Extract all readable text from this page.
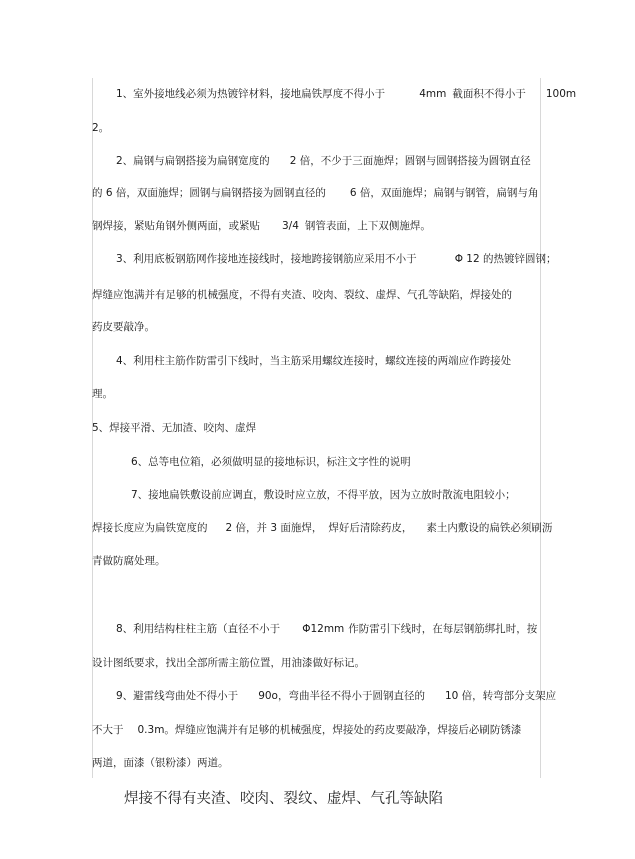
1、室外接地线必须为热镀锌材料，接地扁铁厚度不得小于	4mm 截面积不得小于 100m
2。
2、扁钢与扁钢搭接为扁钢宽度的 2 倍，不少于三面施焊；圆钢与圆钢搭接为圆钢直径
的 6 倍，双面施焊；圆钢与扁钢搭接为圆钢直径的 6 倍，双面施焊；扁钢与钢管，扁钢与角
钢焊接，紧贴角钢外侧两面，或紧贴 3/4 钢管表面，上下双侧施焊。
3、利用底板钢筋网作接地连接线时，接地跨接钢筋应采用不小于	Φ 12 的热镀锌圆钢；
焊缝应饱满并有足够的机械强度，不得有夹渣、咬肉、裂纹、虚焊、气孔等缺陷，焊接处的
药皮要敲净。
4、利用柱主筋作防雷引下线时，当主筋采用螺纹连接时，螺纹连接的两端应作跨接处
理。
5、焊接平滑、无加渣、咬肉、虚焊
6、总等电位箱，必须做明显的接地标识，标注文字性的说明
7、接地扁铁敷设前应调直，敷设时应立放，不得平放，因为立放时散流电阻较小；
焊接长度应为扁铁宽度的 2 倍，并 3 面施焊， 焊好后清除药皮， 素土内敷设的扁铁必须刷沥
青做防腐处理。
8、利用结构柱柱主筋（直径不小于 Φ12mm 作防雷引下线时，在每层钢筋绑扎时，按
设计图纸要求，找出全部所需主筋位置，用油漆做好标记。
9、避雷线弯曲处不得小于 90o，弯曲半径不得小于圆钢直径的 10 倍，转弯部分支架应
不大于 0.3m。焊缝应饱满并有足够的机械强度，焊接处的药皮要敲净，焊接后必刷防锈漆
两道，面漆（银粉漆）两道。
焊接不得有夹渣、咬肉、裂纹、虚焊、气孔等缺陷
